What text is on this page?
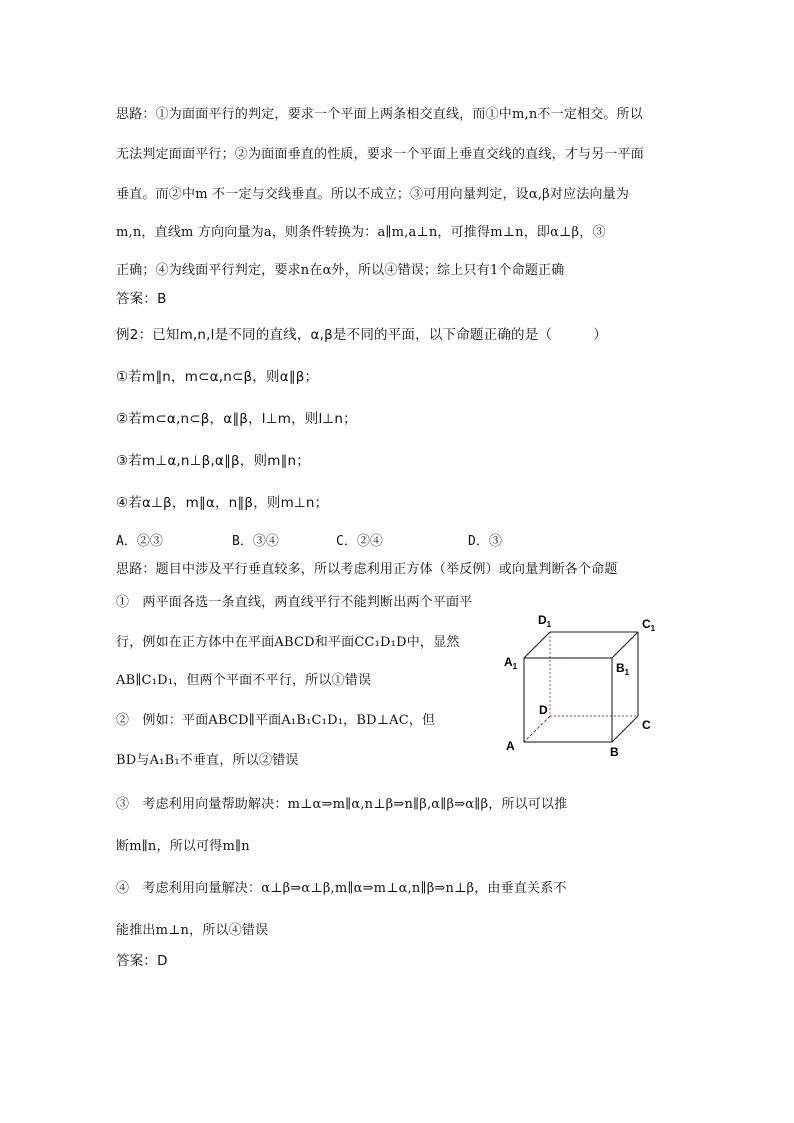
思路：①为面面平行的判定，要求一个平面上两条相交直线，而①中m,n不一定相交。所以
无法判定面面平行；②为面面垂直的性质，要求一个平面上垂直交线的直线，才与另一平面
垂直。而②中m 不一定与交线垂直。所以不成立；③可用向量判定，设α,β对应法向量为
m,n，直线m 方向向量为a，则条件转换为：a∥m,a⊥n，可推得m⊥n，即α⊥β，③
正确；④为线面平行判定，要求n在α外，所以④错误；综上只有1个命题正确
答案：B
例2：已知m,n,l是不同的直线，α,β是不同的平面，以下命题正确的是（　　　）
①若m∥n，m⊂α,n⊂β，则α∥β；
②若m⊂α,n⊂β，α∥β，l⊥m，则l⊥n；
③若m⊥α,n⊥β,α∥β，则m∥n；
④若α⊥β，m∥α，n∥β，则m⊥n；
A．②③	B．③④	C．②④	D．③
思路：题目中涉及平行垂直较多，所以考虑利用正方体（举反例）或向量判断各个命题
①　两平面各选一条直线，两直线平行不能判断出两个平面平
行，例如在正方体中在平面ABCD和平面CC₁D₁D中，显然
AB∥C₁D₁，但两个平面不平行，所以①错误
②　例如：平面ABCD∥平面A₁B₁C₁D₁，BD⊥AC，但
BD与A₁B₁不垂直，所以②错误
③　考虑利用向量帮助解决：m⊥α⇒m∥α,n⊥β⇒n∥β,α∥β⇒α∥β，所以可以推
断m∥n，所以可得m∥n
④　考虑利用向量解决：α⊥β⇒α⊥β,m∥α⇒m⊥α,n∥β⇒n⊥β，由垂直关系不
能推出m⊥n，所以④错误
答案：D
$D_1$	$C_1$
$A_1$	$B_1$
D
C
A	B
